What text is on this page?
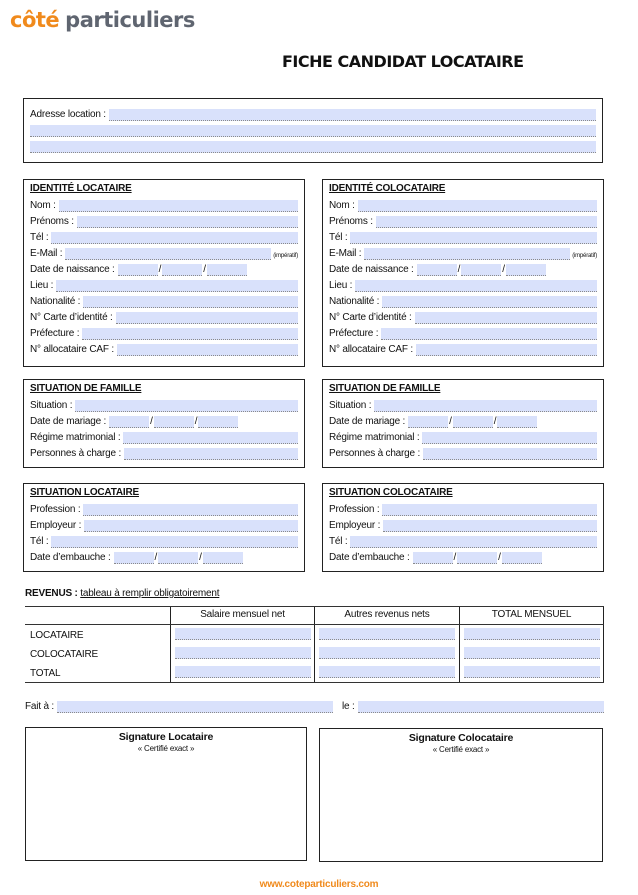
côté particuliers
FICHE CANDIDAT LOCATAIRE
Adresse location :
IDENTITÉ LOCATAIRE
Nom :
Prénoms :
Tél :
E-Mail :	(impératif)
Date de naissance :	/	/
Lieu :
Nationalité :
N° Carte d’identité :
Préfecture :
N° allocataire CAF :
IDENTITÉ COLOCATAIRE
Nom :
Prénoms :
Tél :
E-Mail :	(impératif)
Date de naissance :	/	/
Lieu :
Nationalité :
N° Carte d’identité :
Préfecture :
N° allocataire CAF :
SITUATION DE FAMILLE
Situation :
Date de mariage :	/	/
Régime matrimonial :
Personnes à charge :
SITUATION DE FAMILLE
Situation :
Date de mariage :	/	/
Régime matrimonial :
Personnes à charge :
SITUATION LOCATAIRE
Profession :
Employeur :
Tél :
Date d’embauche :	/	/
SITUATION COLOCATAIRE
Profession :
Employeur :
Tél :
Date d’embauche :	/	/
REVENUS : tableau à remplir obligatoirement
Salaire mensuel net	Autres revenus nets	TOTAL MENSUEL
LOCATAIRE
COLOCATAIRE
TOTAL
Fait à :	le :
Signature Locataire
« Certifié exact »
Signature Colocataire
« Certifié exact »
www.coteparticuliers.com
